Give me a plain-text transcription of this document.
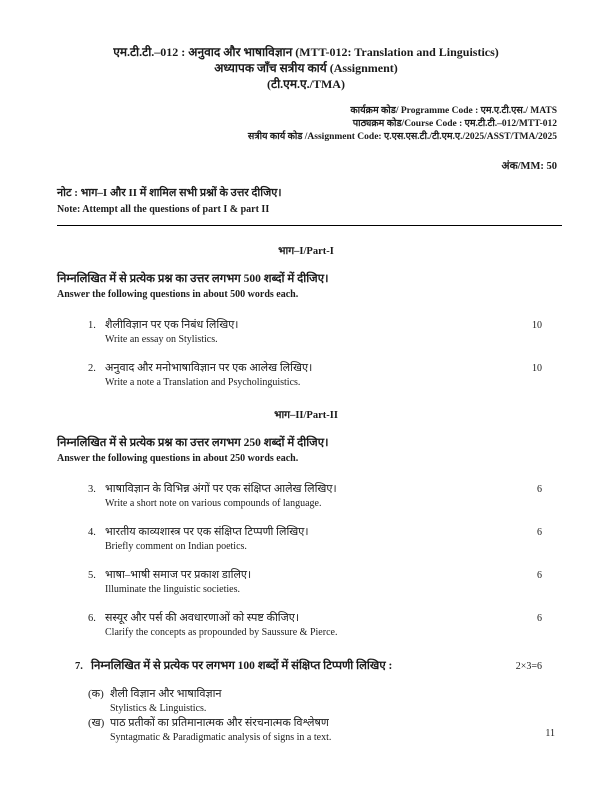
एम.टी.टी.–012 : अनुवाद और भाषाविज्ञान (MTT-012: Translation and Linguistics)
अध्यापक जाँच सत्रीय कार्य (Assignment)
(टी.एम.ए./TMA)
कार्यक्रम कोड/ Programme Code : एम.ए.टी.एस./ MATS
पाठ्यक्रम कोड/Course Code : एम.टी.टी.–012/MTT-012
सत्रीय कार्य कोड /Assignment Code: ए.एस.एस.टी./टी.एम.ए./2025/ASST/TMA/2025
अंक/MM: 50
नोट : भाग–I और II में शामिल सभी प्रश्नों के उत्तर दीजिए।
Note: Attempt all the questions of part I & part II
भाग–I/Part-I
निम्नलिखित में से प्रत्येक प्रश्न का उत्तर लगभग 500 शब्दों में दीजिए।
Answer the following questions in about 500 words each.
1. शैलीविज्ञान पर एक निबंध लिखिए।
Write an essay on Stylistics.
10
2. अनुवाद और मनोभाषाविज्ञान पर एक आलेख लिखिए।
Write a note a Translation and Psycholinguistics.
10
भाग–II/Part-II
निम्नलिखित में से प्रत्येक प्रश्न का उत्तर लगभग 250 शब्दों में दीजिए।
Answer the following questions in about 250 words each.
3. भाषाविज्ञान के विभिन्न अंगों पर एक संक्षिप्त आलेख लिखिए।
Write a short note on various compounds of language.
6
4. भारतीय काव्यशास्त्र पर एक संक्षिप्त टिप्पणी लिखिए।
Briefly comment on Indian poetics.
6
5. भाषा–भाषी समाज पर प्रकाश डालिए।
Illuminate the linguistic societies.
6
6. सस्यूर और पर्स की अवधारणाओं को स्पष्ट कीजिए।
Clarify the concepts as propounded by Saussure & Pierce.
6
7. निम्नलिखित में से प्रत्येक पर लगभग 100 शब्दों में संक्षिप्त टिप्पणी लिखिए :	2×3=6
(क) शैली विज्ञान और भाषाविज्ञान
Stylistics & Linguistics.
(ख) पाठ प्रतीकों का प्रतिमानात्मक और संरचनात्मक विश्लेषण
Syntagmatic & Paradigmatic analysis of signs in a text.	11
